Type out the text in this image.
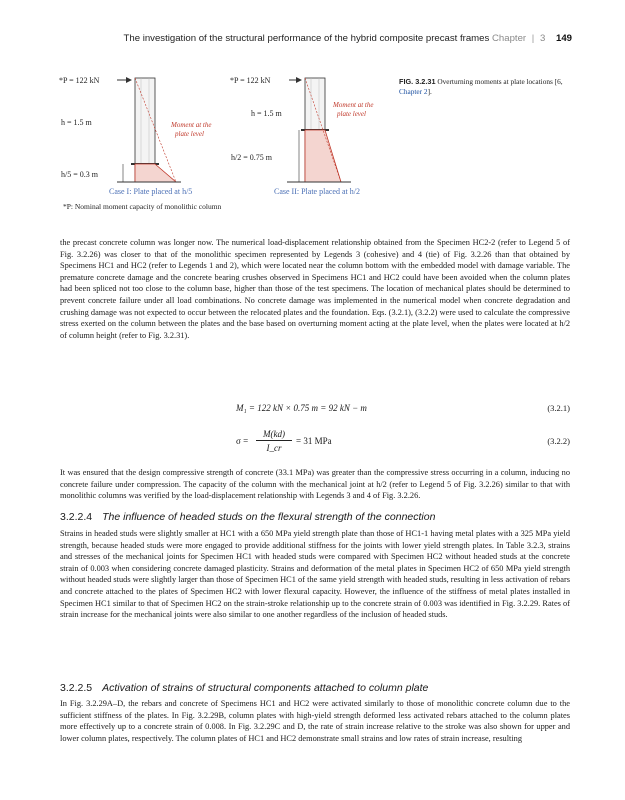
The investigation of the structural performance of the hybrid composite precast frames Chapter | 3 149
*P = 122 kN
h = 1.5 m
h/5 = 0.3 m
Moment at the
plate level
Case I: Plate placed at h/5
*P = 122 kN
h = 1.5 m
h/2 = 0.75 m
Moment at the
plate level
Case II: Plate placed at h/2
*P: Nominal moment capacity of monolithic column
FIG. 3.2.31 Overturning moments at plate locations [6, Chapter 2].
the precast concrete column was longer now. The numerical load-displacement relationship obtained from the Specimen HC2-2 (refer to Legend 5 of Fig. 3.2.26) was closer to that of the monolithic specimen represented by Legends 3 (cohesive) and 4 (tie) of Fig. 3.2.26 than that obtained by Specimens HC1 and HC2 (refer to Legends 1 and 2), which were located near the column bottom with the embedded model with damage variable. The premature concrete damage and the concrete bearing crushes observed in Specimens HC1 and HC2 could have been avoided when the column plates had been spliced not too close to the column base, higher than those of the test specimens. The location of mechanical plates should be determined to prevent concrete failure under all load combinations. No concrete damage was implemented in the numerical model when concrete degradation and crushing damage was not expected to occur between the relocated plates and the foundation. Eqs. (3.2.1), (3.2.2) were used to calculate the compressive stress exerted on the column between the plates and the base based on overturning moment acting at the plate level, when the plates were located at h/2 of column height (refer to Fig. 3.2.31).
M₁ = 122 kN × 0.75 m = 92 kN − m	(3.2.1)
σ =
M(kd)
I_cr
= 31 MPa	(3.2.2)
It was ensured that the design compressive strength of concrete (33.1 MPa) was greater than the compressive stress occurring in a column, inducing no concrete failure under compression. The capacity of the column with the mechanical joint at h/2 (refer to Legend 5 of Fig. 3.2.26) similar to that with monolithic columns was verified by the load-displacement relationship with Legends 3 and 4 of Fig. 3.2.26.
3.2.2.4 The influence of headed studs on the flexural strength of the connection
Strains in headed studs were slightly smaller at HC1 with a 650 MPa yield strength plate than those of HC1-1 having metal plates with a 325 MPa yield strength, because headed studs were more engaged to provide additional stiffness for the joints with lower yield strength plates. In Table 3.2.3, strains and stresses of the mechanical joints for Specimen HC1 with headed studs were compared with Specimen HC2 without headed studs at the concrete strain of 0.003 when considering concrete damaged plasticity. Strains and deformation of the metal plates in Specimen HC2 of 650 MPa yield strength without headed studs were slightly larger than those of Specimen HC1 of the same yield strength with headed studs, resulting in less activation of rebars and concrete attached to the plates of Specimen HC2 with lower flexural capacity. However, the influence of the stiffness of metal plates installed in Specimen HC1 similar to that of Specimen HC2 on the strain-stroke relationship up to the concrete strain of 0.003 was identified in Fig. 3.2.29. Rates of strain increase for the mechanical joints were also similar to one another regardless of the inclusion of headed studs.
3.2.2.5 Activation of strains of structural components attached to column plate
In Fig. 3.2.29A–D, the rebars and concrete of Specimens HC1 and HC2 were activated similarly to those of monolithic concrete column due to the sufficient stiffness of the plates. In Fig. 3.2.29B, column plates with high-yield strength deformed less activated rebars attached to the column plates more effectively up to a concrete strain of 0.008. In Fig. 3.2.29C and D, the rate of strain increase relative to the stroke was also shown for upper and lower column plates, respectively. The column plates of HC1 and HC2 demonstrate small strains and low rates of strain increase, resulting
